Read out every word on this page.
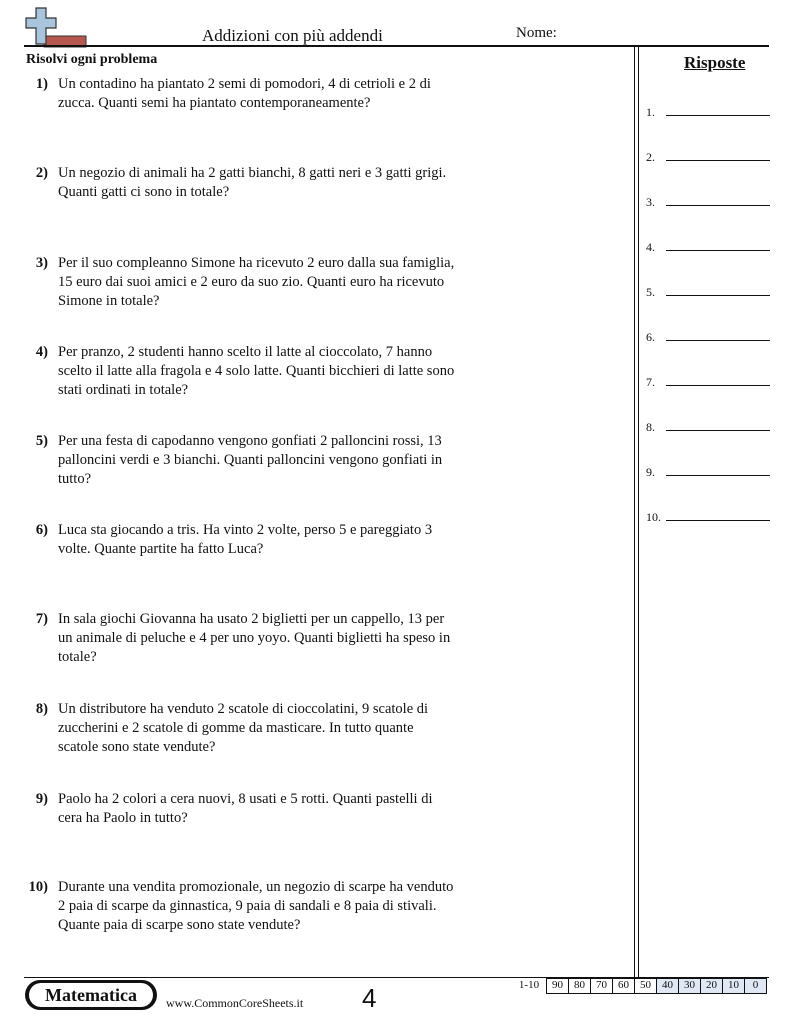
Addizioni con più addendi	Nome:
Risolvi ogni problema
1) Un contadino ha piantato 2 semi di pomodori, 4 di cetrioli e 2 di zucca. Quanti semi ha piantato contemporaneamente?
2) Un negozio di animali ha 2 gatti bianchi, 8 gatti neri e 3 gatti grigi. Quanti gatti ci sono in totale?
3) Per il suo compleanno Simone ha ricevuto 2 euro dalla sua famiglia, 15 euro dai suoi amici e 2 euro da suo zio. Quanti euro ha ricevuto Simone in totale?
4) Per pranzo, 2 studenti hanno scelto il latte al cioccolato, 7 hanno scelto il latte alla fragola e 4 solo latte. Quanti bicchieri di latte sono stati ordinati in totale?
5) Per una festa di capodanno vengono gonfiati 2 palloncini rossi, 13 palloncini verdi e 3 bianchi. Quanti palloncini vengono gonfiati in tutto?
6) Luca sta giocando a tris. Ha vinto 2 volte, perso 5 e pareggiato 3 volte. Quante partite ha fatto Luca?
7) In sala giochi Giovanna ha usato 2 biglietti per un cappello, 13 per un animale di peluche e 4 per uno yoyo. Quanti biglietti ha speso in totale?
8) Un distributore ha venduto 2 scatole di cioccolatini, 9 scatole di zuccherini e 2 scatole di gomme da masticare. In tutto quante scatole sono state vendute?
9) Paolo ha 2 colori a cera nuovi, 8 usati e 5 rotti. Quanti pastelli di cera ha Paolo in tutto?
10) Durante una vendita promozionale, un negozio di scarpe ha venduto 2 paia di scarpe da ginnastica, 9 paia di sandali e 8 paia di stivali. Quante paia di scarpe sono state vendute?
Risposte
1.
2.
3.
4.
5.
6.
7.
8.
9.
10.
Matematica	www.CommonCoreSheets.it 4	1-10	90	80	70	60	50	40	30	20	10	0
